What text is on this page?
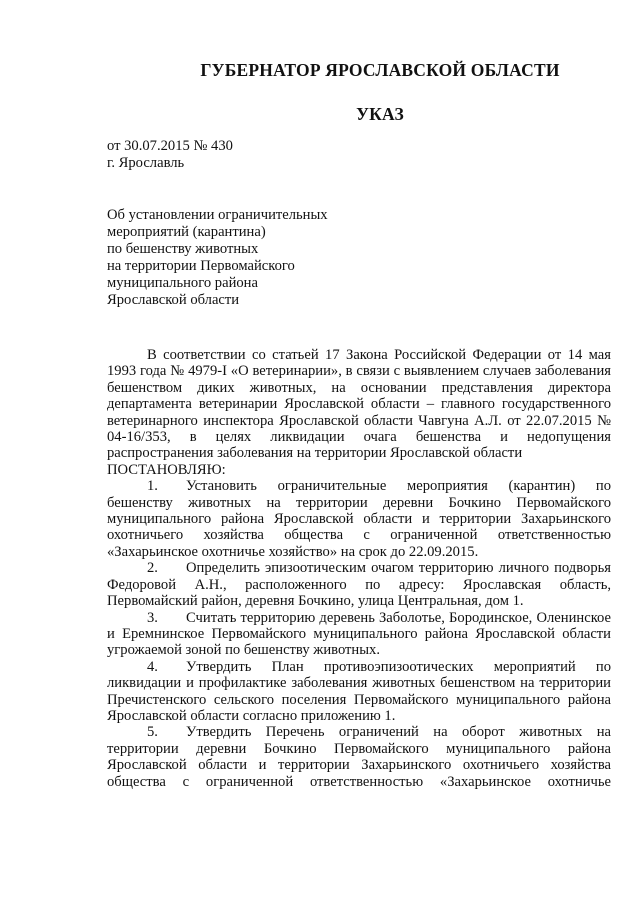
ГУБЕРНАТОР ЯРОСЛАВСКОЙ ОБЛАСТИ
УКАЗ
от 30.07.2015 № 430
г. Ярославль
Об установлении ограничительных
мероприятий (карантина)
по бешенству животных
на территории Первомайского
муниципального района
Ярославской области

В соответствии со статьей 17 Закона Российской Федерации от 14 мая 1993 года № 4979-I «О ветеринарии», в связи с выявлением случаев заболевания бешенством диких животных, на основании представления директора департамента ветеринарии Ярославской области – главного государственного ветеринарного инспектора Ярославской области Чавгуна А.Л. от 22.07.2015 № 04-16/353, в целях ликвидации очага бешенства и недопущения распространения заболевания на территории Ярославской области

ПОСТАНОВЛЯЮ:

1. Установить ограничительные мероприятия (карантин) по бешенству животных на территории деревни Бочкино Первомайского муниципального района Ярославской области и территории Захарьинского охотничьего хозяйства общества с ограниченной ответственностью «Захарьинское охотничье хозяйство» на срок до 22.09.2015.

2. Определить эпизоотическим очагом территорию личного подворья Федоровой А.Н., расположенного по адресу: Ярославская область, Первомайский район, деревня Бочкино, улица Центральная, дом 1.

3. Считать территорию деревень Заболотье, Бородинское, Оленинское и Еремнинское Первомайского муниципального района Ярославской области угрожаемой зоной по бешенству животных.

4. Утвердить План противоэпизоотических мероприятий по ликвидации и профилактике заболевания животных бешенством на территории Пречистенского сельского поселения Первомайского муниципального района Ярославской области согласно приложению 1.

5. Утвердить Перечень ограничений на оборот животных на территории деревни Бочкино Первомайского муниципального района Ярославской области и территории Захарьинского охотничьего хозяйства общества с ограниченной ответственностью «Захарьинское охотничье
